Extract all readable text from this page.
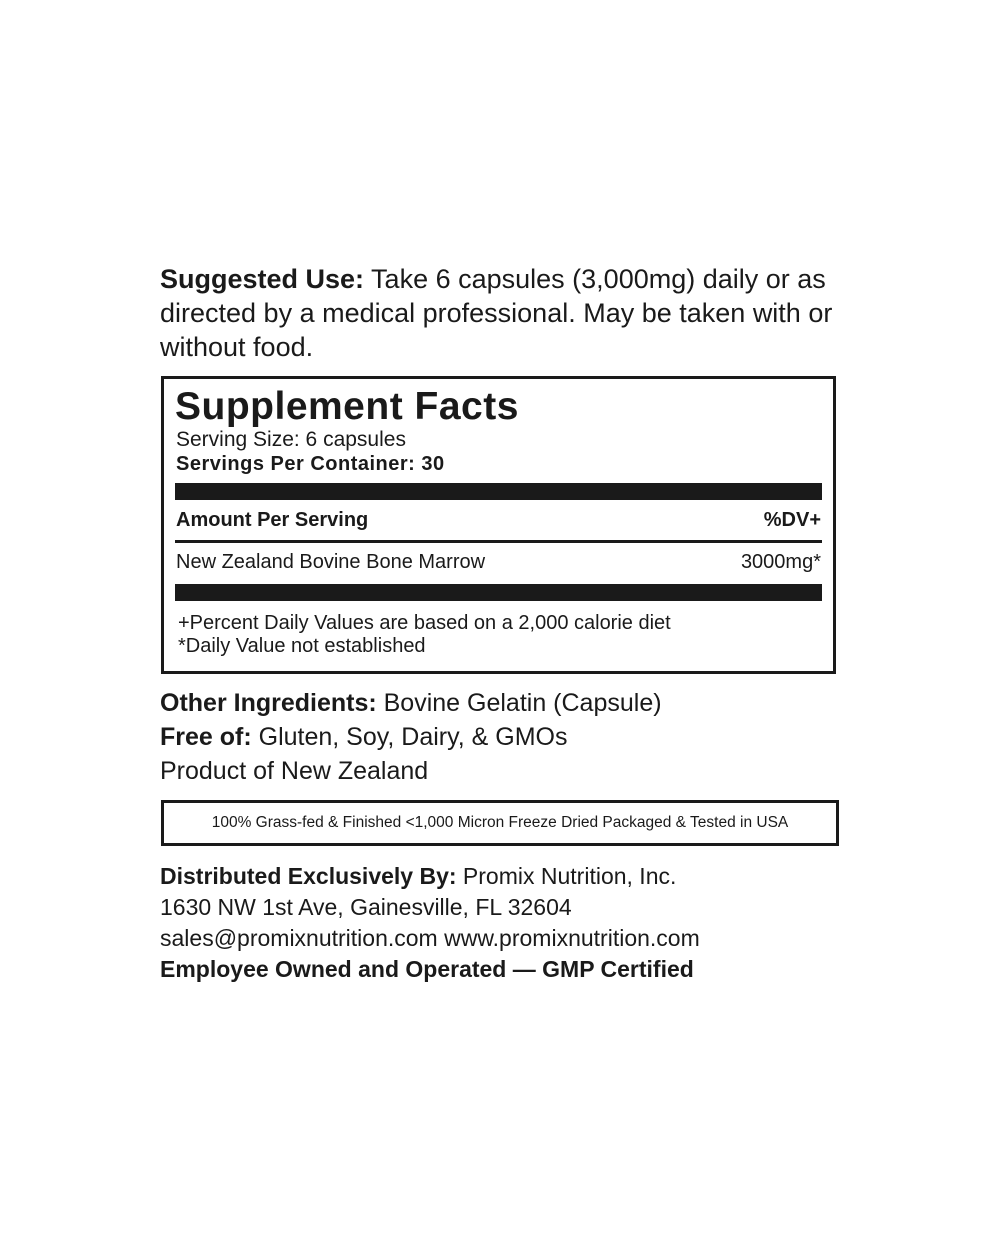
Suggested Use: Take 6 capsules (3,000mg) daily or as directed by a medical professional. May be taken with or without food.
Supplement Facts
Serving Size: 6 capsules
Servings Per Container: 30
Amount Per Serving	%DV+
New Zealand Bovine Bone Marrow	3000mg*
+Percent Daily Values are based on a 2,000 calorie diet
*Daily Value not established
Other Ingredients: Bovine Gelatin (Capsule)
Free of: Gluten, Soy, Dairy, & GMOs
Product of New Zealand
100% Grass-fed & Finished <1,000 Micron Freeze Dried Packaged & Tested in USA
Distributed Exclusively By: Promix Nutrition, Inc.
1630 NW 1st Ave, Gainesville, FL 32604
sales@promixnutrition.com www.promixnutrition.com
Employee Owned and Operated — GMP Certified
